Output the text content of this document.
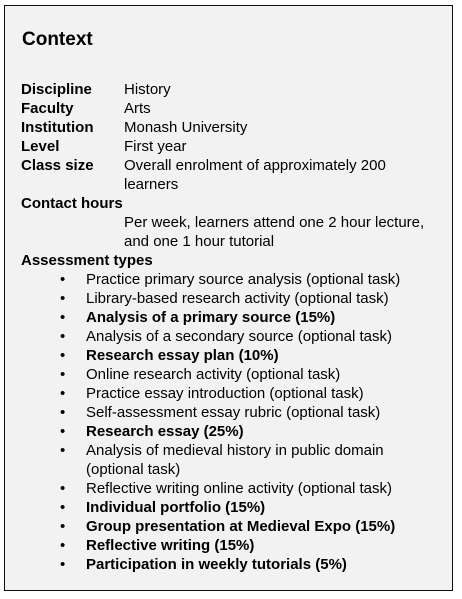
Context
Discipline	History
Faculty	Arts
Institution	Monash University
Level	First year
Class size	Overall enrolment of approximately 200 learners
Contact hours
Per week, learners attend one 2 hour lecture, and one 1 hour tutorial
Assessment types
• Practice primary source analysis (optional task)
• Library-based research activity (optional task)
• Analysis of a primary source (15%)
• Analysis of a secondary source (optional task)
• Research essay plan (10%)
• Online research activity (optional task)
• Practice essay introduction (optional task)
• Self-assessment essay rubric (optional task)
• Research essay (25%)
• Analysis of medieval history in public domain (optional task)
• Reflective writing online activity (optional task)
• Individual portfolio (15%)
• Group presentation at Medieval Expo (15%)
• Reflective writing (15%)
• Participation in weekly tutorials (5%)
